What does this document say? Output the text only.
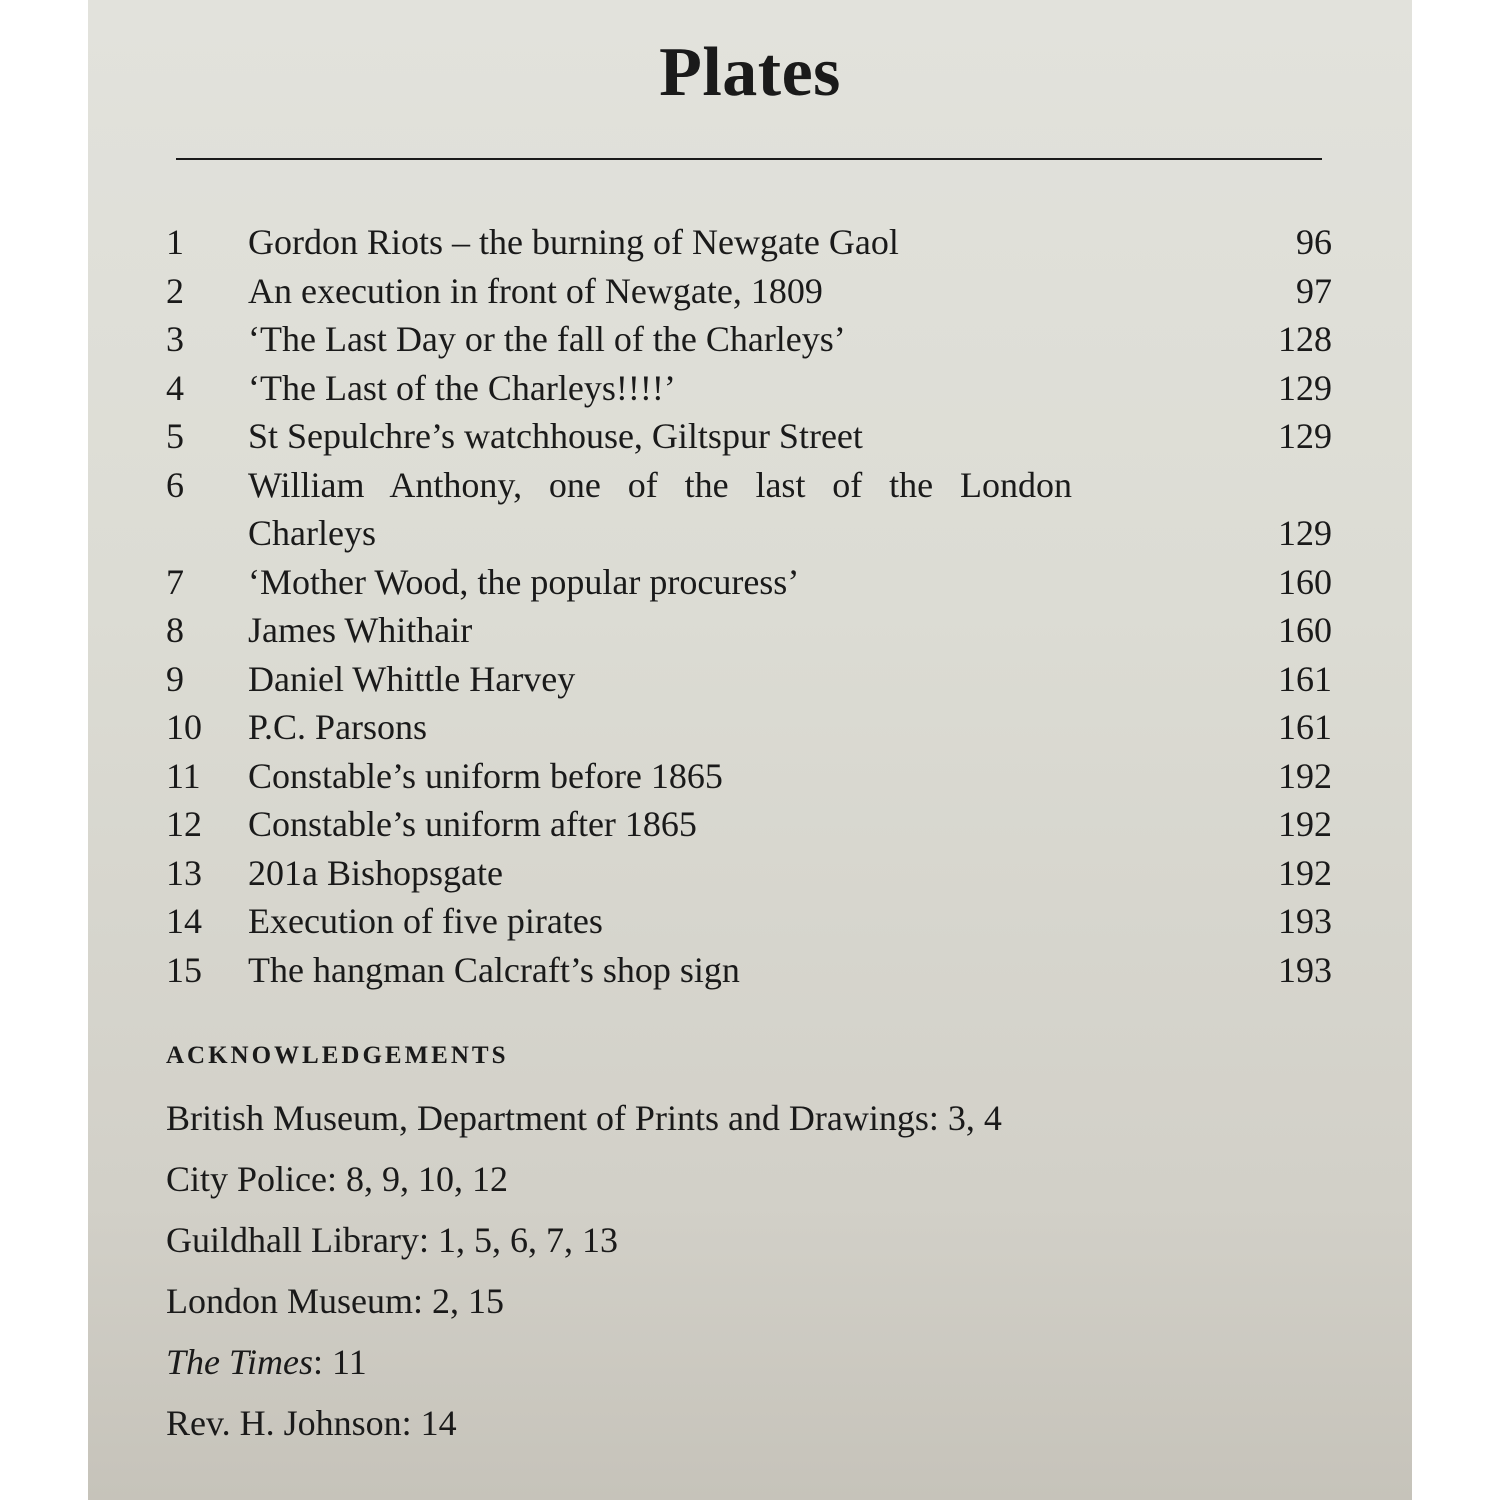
Plates
1	Gordon Riots – the burning of Newgate Gaol	96
2	An execution in front of Newgate, 1809	97
3	‘The Last Day or the fall of the Charleys’	128
4	‘The Last of the Charleys!!!!’	129
5	St Sepulchre’s watchhouse, Giltspur Street	129
6	William Anthony, one of the last of the London
Charleys	129
7	‘Mother Wood, the popular procuress’	160
8	James Whithair	160
9	Daniel Whittle Harvey	161
10	P.C. Parsons	161
11	Constable’s uniform before 1865	192
12	Constable’s uniform after 1865	192
13	201a Bishopsgate	192
14	Execution of five pirates	193
15	The hangman Calcraft’s shop sign	193
ACKNOWLEDGEMENTS
British Museum, Department of Prints and Drawings: 3, 4
City Police: 8, 9, 10, 12
Guildhall Library: 1, 5, 6, 7, 13
London Museum: 2, 15
The Times: 11
Rev. H. Johnson: 14
